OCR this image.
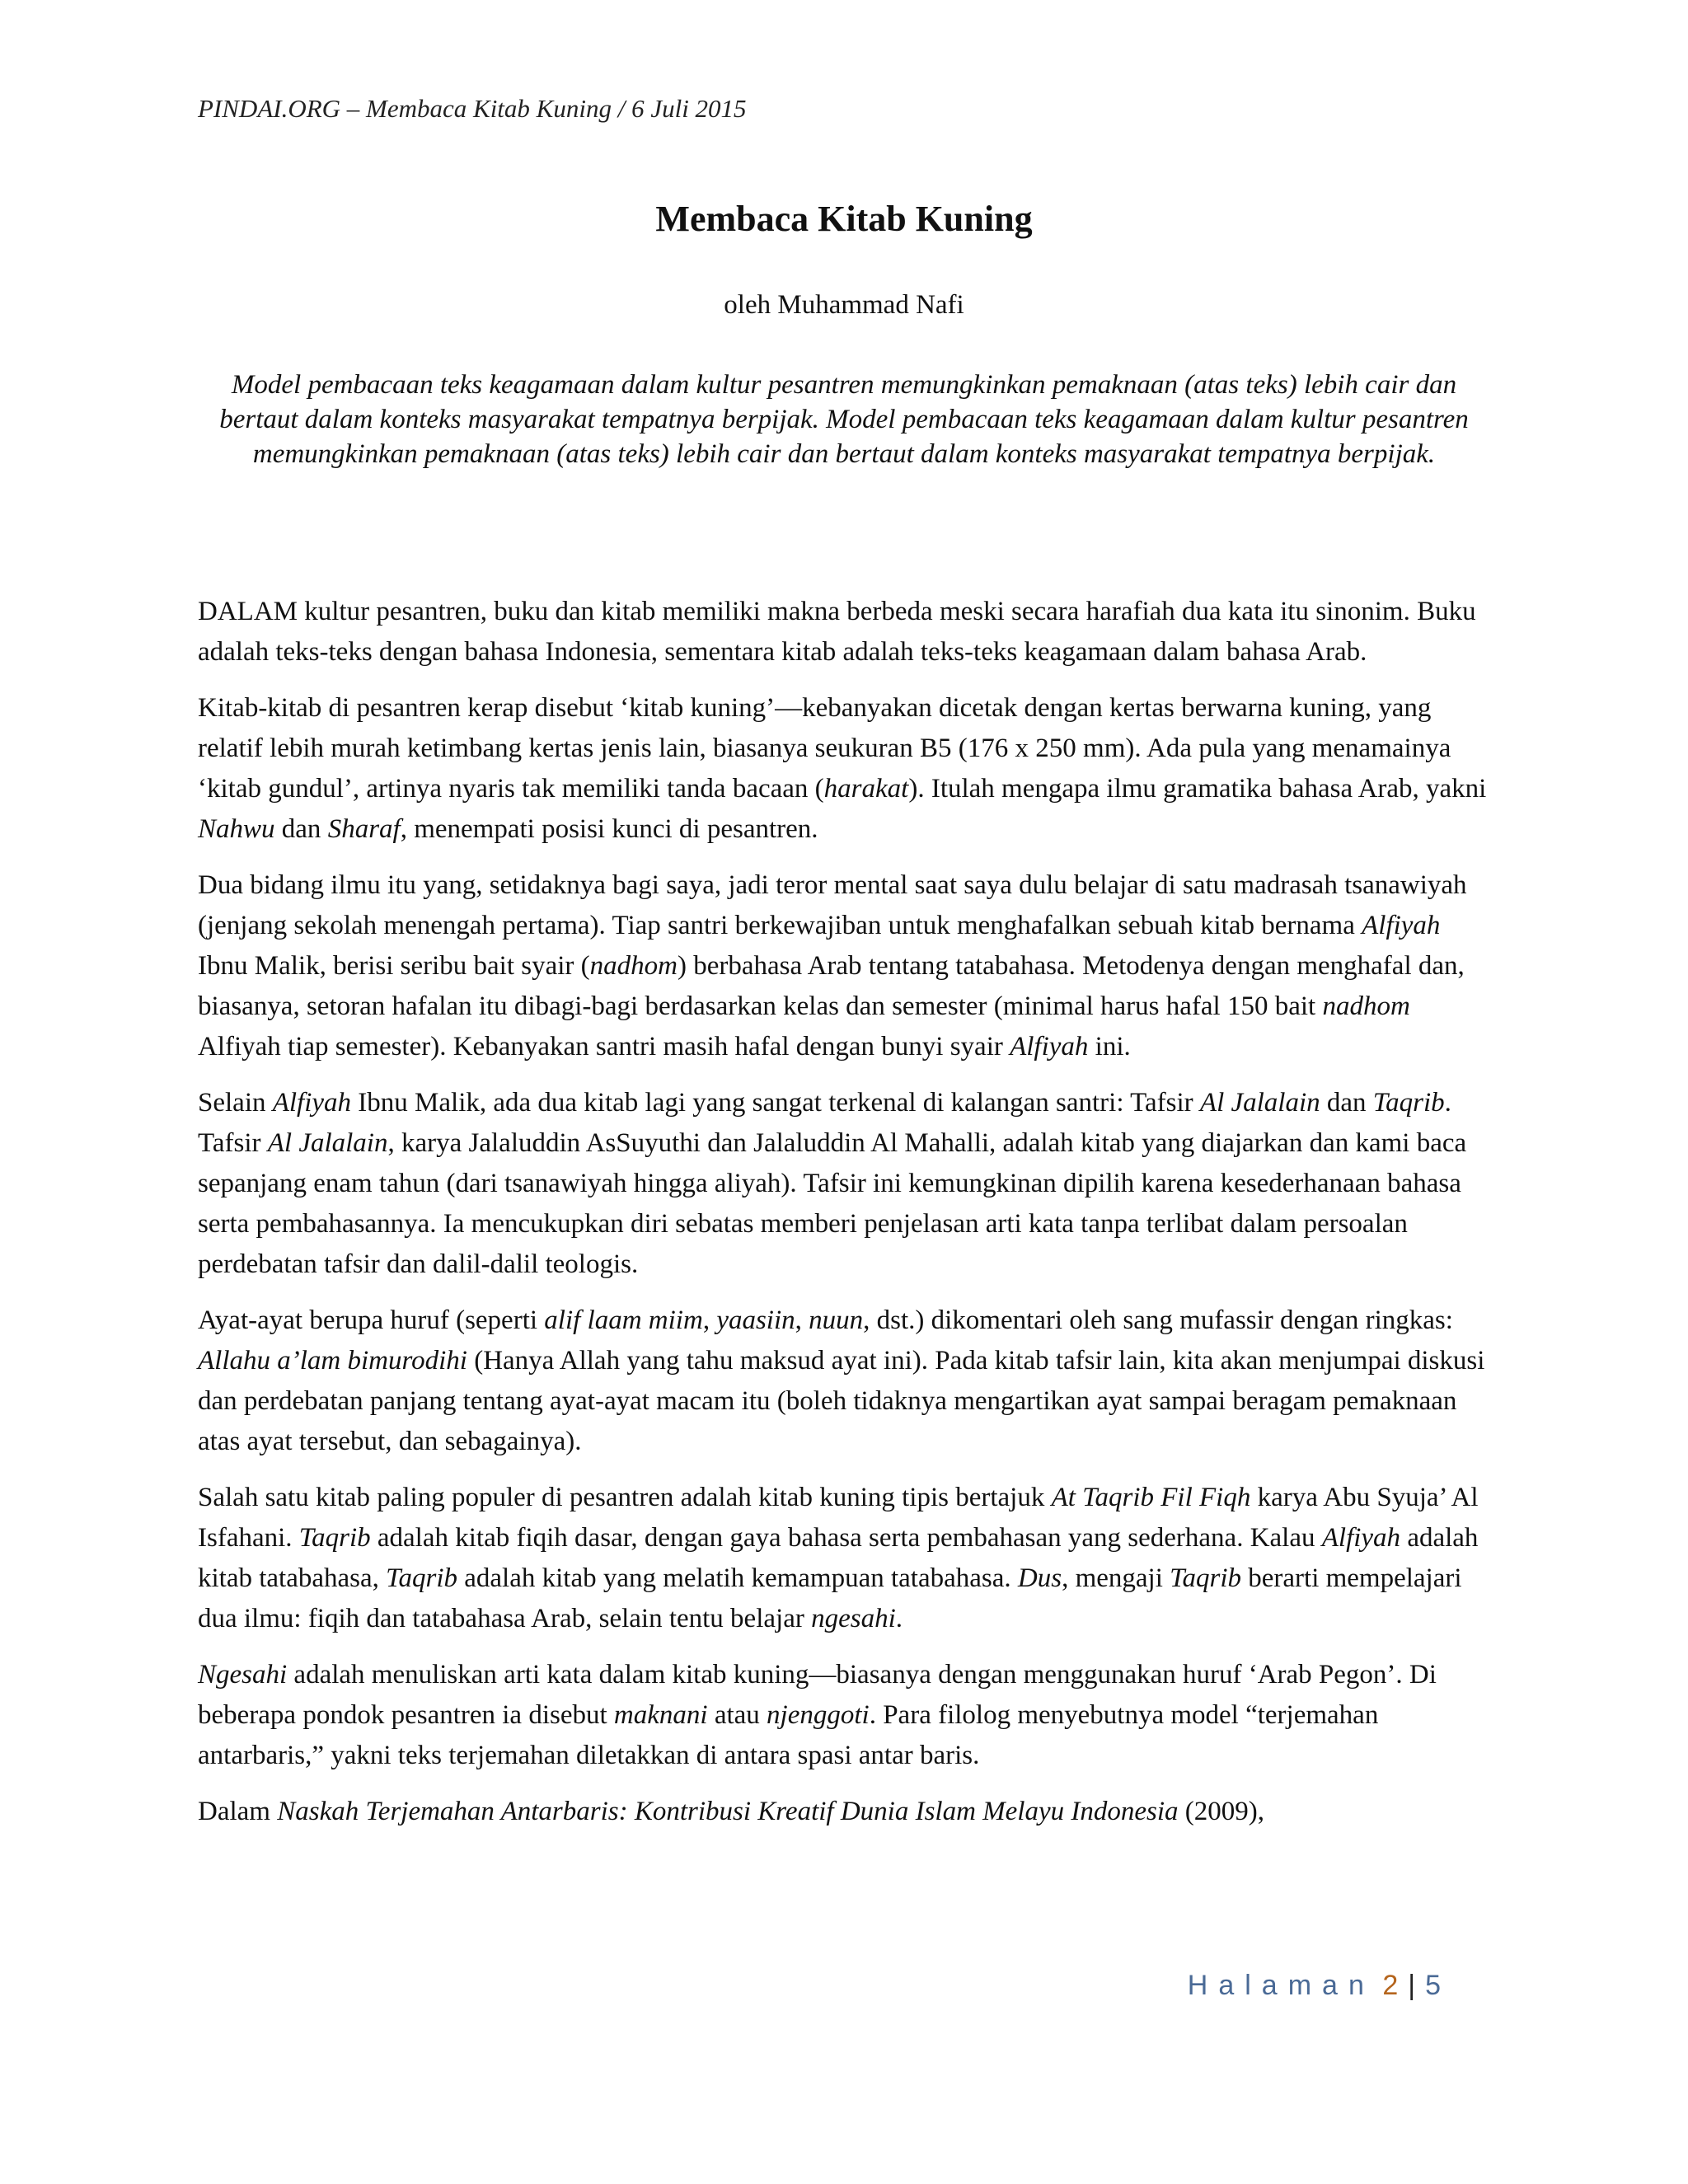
PINDAI.ORG – Membaca Kitab Kuning / 6 Juli 2015
Membaca Kitab Kuning
oleh Muhammad Nafi

Model pembacaan teks keagamaan dalam kultur pesantren memungkinkan pemaknaan (atas teks) lebih cair dan bertaut dalam konteks masyarakat tempatnya berpijak. Model pembacaan teks keagamaan dalam kultur pesantren memungkinkan pemaknaan (atas teks) lebih cair dan bertaut dalam konteks masyarakat tempatnya berpijak.

DALAM kultur pesantren, buku dan kitab memiliki makna berbeda meski secara harafiah dua kata itu sinonim. Buku adalah teks-teks dengan bahasa Indonesia, sementara kitab adalah teks-teks keagamaan dalam bahasa Arab.

Kitab-kitab di pesantren kerap disebut ‘kitab kuning’—kebanyakan dicetak dengan kertas berwarna kuning, yang relatif lebih murah ketimbang kertas jenis lain, biasanya seukuran B5 (176 x 250 mm). Ada pula yang menamainya ‘kitab gundul’, artinya nyaris tak memiliki tanda bacaan (harakat). Itulah mengapa ilmu gramatika bahasa Arab, yakni Nahwu dan Sharaf, menempati posisi kunci di pesantren.

Dua bidang ilmu itu yang, setidaknya bagi saya, jadi teror mental saat saya dulu belajar di satu madrasah tsanawiyah (jenjang sekolah menengah pertama). Tiap santri berkewajiban untuk menghafalkan sebuah kitab bernama Alfiyah Ibnu Malik, berisi seribu bait syair (nadhom) berbahasa Arab tentang tatabahasa. Metodenya dengan menghafal dan, biasanya, setoran hafalan itu dibagi-bagi berdasarkan kelas dan semester (minimal harus hafal 150 bait nadhom Alfiyah tiap semester). Kebanyakan santri masih hafal dengan bunyi syair Alfiyah ini.

Selain Alfiyah Ibnu Malik, ada dua kitab lagi yang sangat terkenal di kalangan santri: Tafsir Al Jalalain dan Taqrib. Tafsir Al Jalalain, karya Jalaluddin AsSuyuthi dan Jalaluddin Al Mahalli, adalah kitab yang diajarkan dan kami baca sepanjang enam tahun (dari tsanawiyah hingga aliyah). Tafsir ini kemungkinan dipilih karena kesederhanaan bahasa serta pembahasannya. Ia mencukupkan diri sebatas memberi penjelasan arti kata tanpa terlibat dalam persoalan perdebatan tafsir dan dalil-dalil teologis.

Ayat-ayat berupa huruf (seperti alif laam miim, yaasiin, nuun, dst.) dikomentari oleh sang mufassir dengan ringkas: Allahu a’lam bimurodihi (Hanya Allah yang tahu maksud ayat ini). Pada kitab tafsir lain, kita akan menjumpai diskusi dan perdebatan panjang tentang ayat-ayat macam itu (boleh tidaknya mengartikan ayat sampai beragam pemaknaan atas ayat tersebut, dan sebagainya).

Salah satu kitab paling populer di pesantren adalah kitab kuning tipis bertajuk At Taqrib Fil Fiqh karya Abu Syuja’ Al Isfahani. Taqrib adalah kitab fiqih dasar, dengan gaya bahasa serta pembahasan yang sederhana. Kalau Alfiyah adalah kitab tatabahasa, Taqrib adalah kitab yang melatih kemampuan tatabahasa. Dus, mengaji Taqrib berarti mempelajari dua ilmu: fiqih dan tatabahasa Arab, selain tentu belajar ngesahi.

Ngesahi adalah menuliskan arti kata dalam kitab kuning—biasanya dengan menggunakan huruf ‘Arab Pegon’. Di beberapa pondok pesantren ia disebut maknani atau njenggoti. Para filolog menyebutnya model “terjemahan antarbaris,” yakni teks terjemahan diletakkan di antara spasi antar baris.

Dalam Naskah Terjemahan Antarbaris: Kontribusi Kreatif Dunia Islam Melayu Indonesia (2009),

Halaman 2 | 5
